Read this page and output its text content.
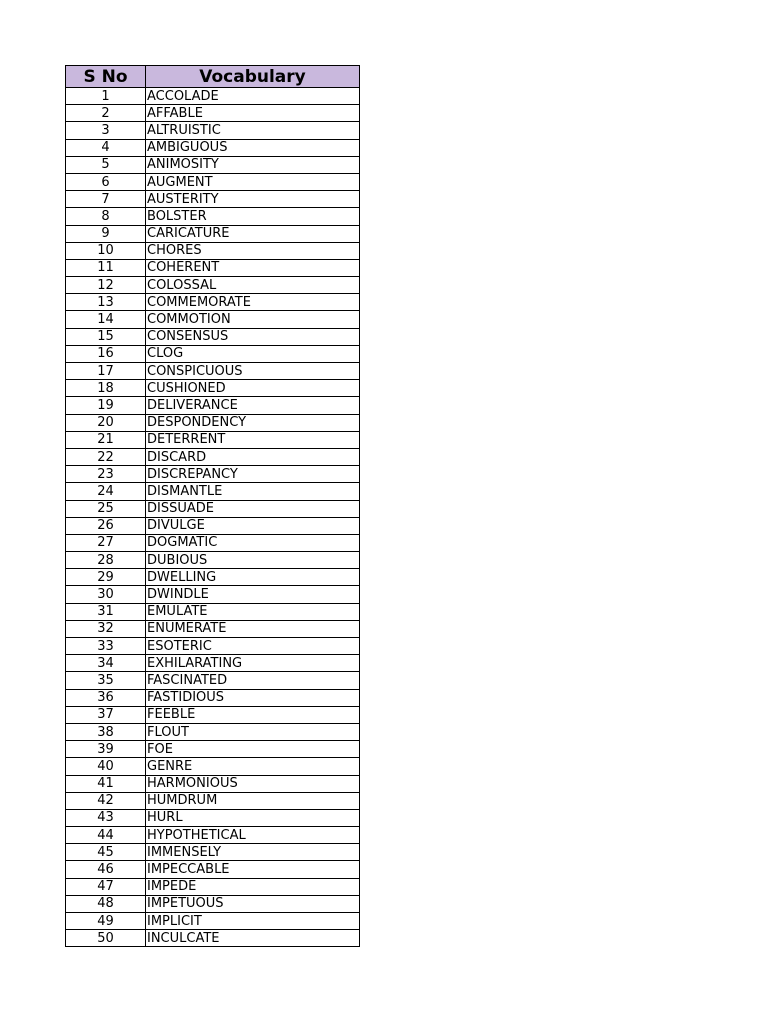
S No	Vocabulary
1	ACCOLADE
2	AFFABLE
3	ALTRUISTIC
4	AMBIGUOUS
5	ANIMOSITY
6	AUGMENT
7	AUSTERITY
8	BOLSTER
9	CARICATURE
10	CHORES
11	COHERENT
12	COLOSSAL
13	COMMEMORATE
14	COMMOTION
15	CONSENSUS
16	CLOG
17	CONSPICUOUS
18	CUSHIONED
19	DELIVERANCE
20	DESPONDENCY
21	DETERRENT
22	DISCARD
23	DISCREPANCY
24	DISMANTLE
25	DISSUADE
26	DIVULGE
27	DOGMATIC
28	DUBIOUS
29	DWELLING
30	DWINDLE
31	EMULATE
32	ENUMERATE
33	ESOTERIC
34	EXHILARATING
35	FASCINATED
36	FASTIDIOUS
37	FEEBLE
38	FLOUT
39	FOE
40	GENRE
41	HARMONIOUS
42	HUMDRUM
43	HURL
44	HYPOTHETICAL
45	IMMENSELY
46	IMPECCABLE
47	IMPEDE
48	IMPETUOUS
49	IMPLICIT
50	INCULCATE
